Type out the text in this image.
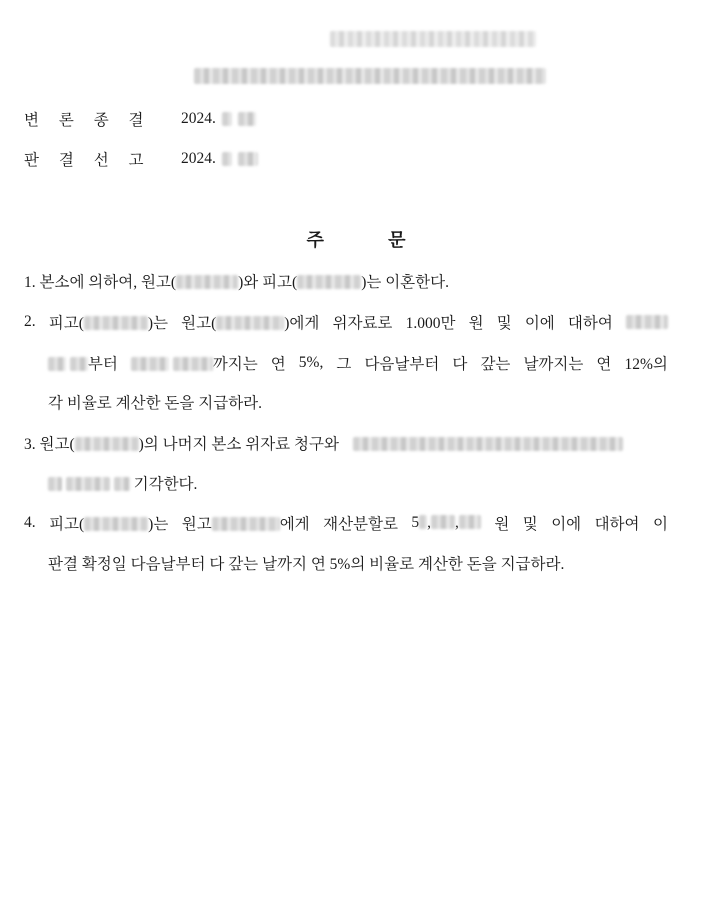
변 론 종 결	2024.
판 결 선 고	2024.
주	문
1. 본소에 의하여, 원고(	)와 피고(	)는 이혼한다.
2. 피고(	)는 원고(	)에게 위자료로 1.000만 원 및 이에 대하여
부터	까지는 연 5%, 그 다음날부터 다 갚는 날까지는 연 12%의
각 비율로 계산한 돈을 지급하라.
3. 원고(	)의 나머지 본소 위자료 청구와
기각한다.
4. 피고(	)는 원고	에게 재산분할로 5 , ,	원 및 이에 대하여 이
판결 확정일 다음날부터 다 갚는 날까지 연 5%의 비율로 계산한 돈을 지급하라.
